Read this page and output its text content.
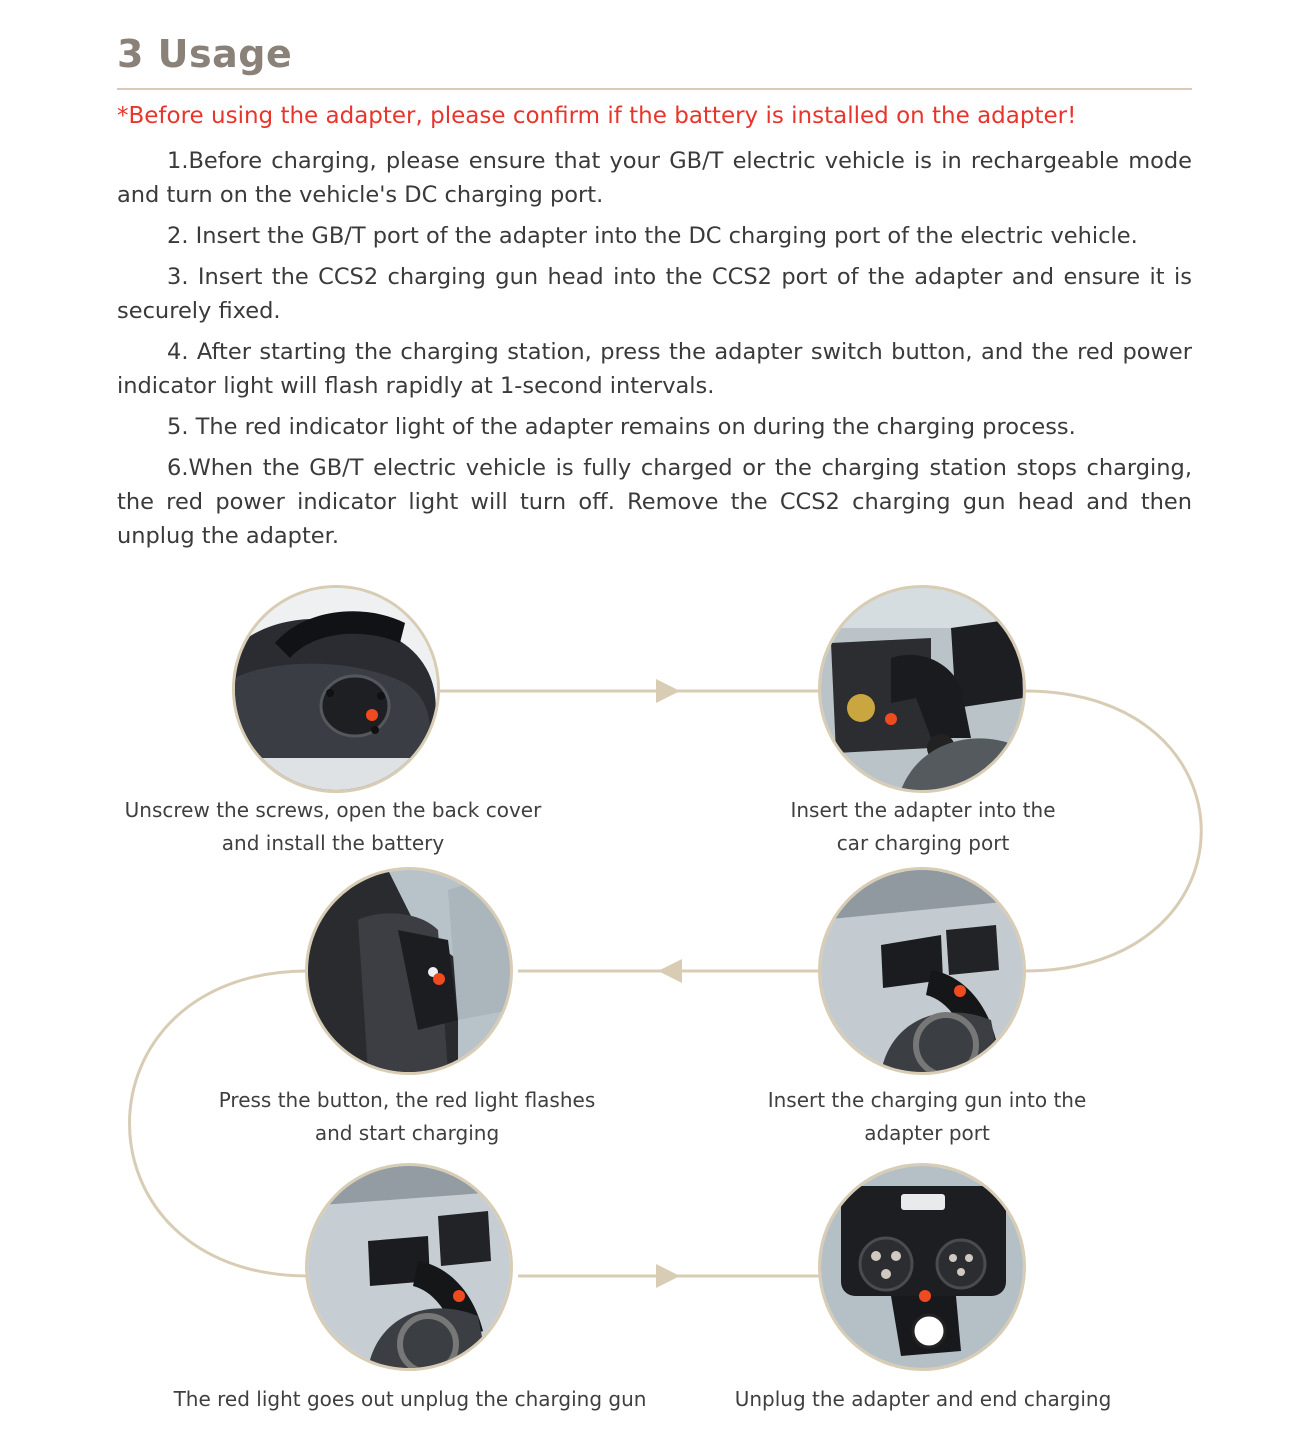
3 Usage
*Before using the adapter, please confirm if the battery is installed on the adapter!

1.Before charging, please ensure that your GB/T electric vehicle is in rechargeable mode and turn on the vehicle's DC charging port.

2. Insert the GB/T port of the adapter into the DC charging port of the electric vehicle.

3. Insert the CCS2 charging gun head into the CCS2 port of the adapter and ensure it is securely fixed.

4. After starting the charging station, press the adapter switch button, and the red power indicator light will flash rapidly at 1-second intervals.

5. The red indicator light of the adapter remains on during the charging process.

6.When the GB/T electric vehicle is fully charged or the charging station stops charging, the red power indicator light will turn off. Remove the CCS2 charging gun head and then unplug the adapter.

Unscrew the screws, open the back cover
and install the battery
Insert the adapter into the
car charging port
Press the button, the red light flashes
and start charging
Insert the charging gun into the
adapter port
The red light goes out unplug the charging gun	Unplug the adapter and end charging
